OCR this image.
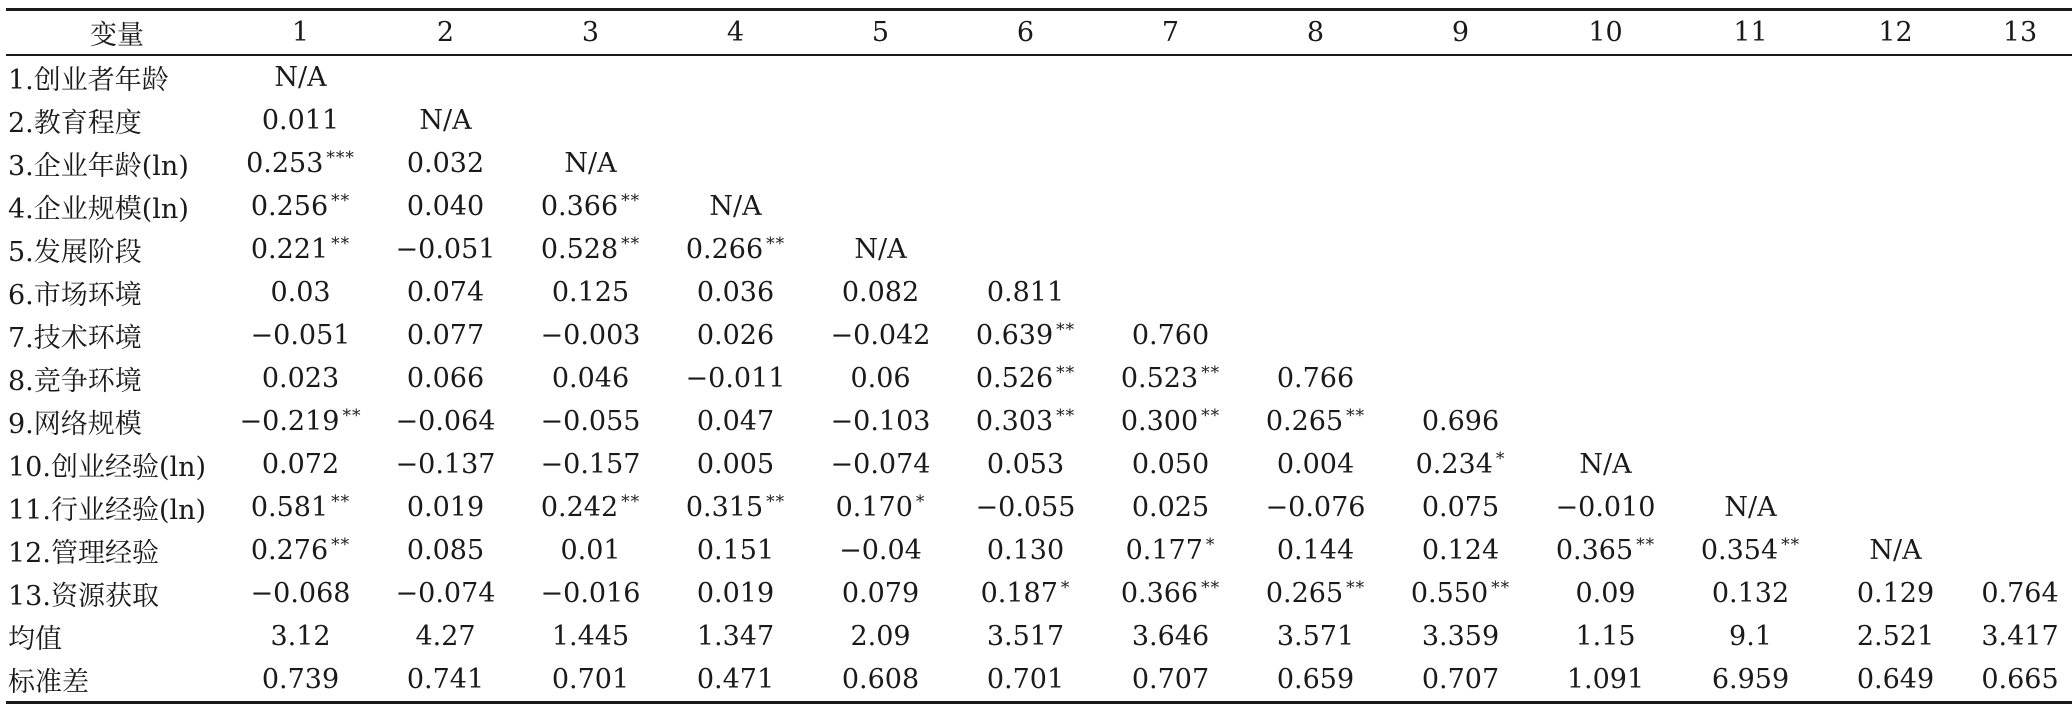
变量	1	2	3	4	5	6	7	8	9	10	11	12	13
1.创业者年龄	N/A												
2.教育程度	0.011	N/A											
3.企业年龄(ln)	0.253 ***	0.032	N/A										
4.企业规模(ln)	0.256 **	0.040	0.366 **	N/A									
5.发展阶段	0.221 **	−0.051	0.528 **	0.266 **	N/A								
6.市场环境	0.03	0.074	0.125	0.036	0.082	0.811							
7.技术环境	−0.051	0.077	−0.003	0.026	−0.042	0.639 **	0.760						
8.竞争环境	0.023	0.066	0.046	−0.011	0.06	0.526 **	0.523 **	0.766					
9.网络规模	−0.219 **	−0.064	−0.055	0.047	−0.103	0.303 **	0.300 **	0.265 **	0.696				
10.创业经验(ln)	0.072	−0.137	−0.157	0.005	−0.074	0.053	0.050	0.004	0.234 *	N/A			
11.行业经验(ln)	0.581 **	0.019	0.242 **	0.315 **	0.170 *	−0.055	0.025	−0.076	0.075	−0.010	N/A		
12.管理经验	0.276 **	0.085	0.01	0.151	−0.04	0.130	0.177 *	0.144	0.124	0.365 **	0.354 **	N/A	
13.资源获取	−0.068	−0.074	−0.016	0.019	0.079	0.187 *	0.366 **	0.265 **	0.550 **	0.09	0.132	0.129	0.764
均值	3.12	4.27	1.445	1.347	2.09	3.517	3.646	3.571	3.359	1.15	9.1	2.521	3.417
标准差	0.739	0.741	0.701	0.471	0.608	0.701	0.707	0.659	0.707	1.091	6.959	0.649	0.665
